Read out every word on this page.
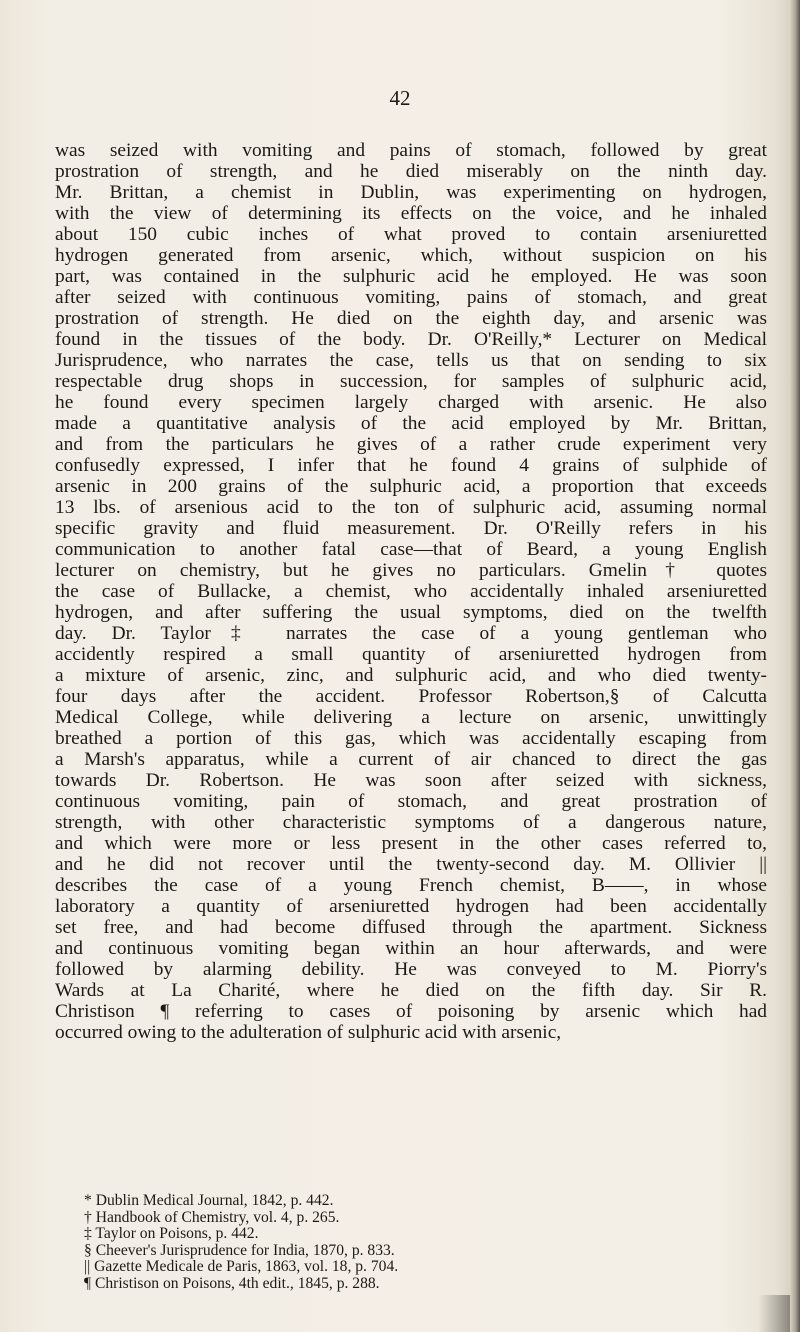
42
was seized with vomiting and pains of stomach, followed by great
prostration of strength, and he died miserably on the ninth day.
Mr. Brittan, a chemist in Dublin, was experimenting on hydrogen,
with the view of determining its effects on the voice, and he inhaled
about 150 cubic inches of what proved to contain arseniuretted
hydrogen generated from arsenic, which, without suspicion on his
part, was contained in the sulphuric acid he employed. He was soon
after seized with continuous vomiting, pains of stomach, and great
prostration of strength. He died on the eighth day, and arsenic was
found in the tissues of the body. Dr. O'Reilly,* Lecturer on Medical
Jurisprudence, who narrates the case, tells us that on sending to six
respectable drug shops in succession, for samples of sulphuric acid,
he found every specimen largely charged with arsenic. He also
made a quantitative analysis of the acid employed by Mr. Brittan,
and from the particulars he gives of a rather crude experiment very
confusedly expressed, I infer that he found 4 grains of sulphide of
arsenic in 200 grains of the sulphuric acid, a proportion that exceeds
13 lbs. of arsenious acid to the ton of sulphuric acid, assuming normal
specific gravity and fluid measurement. Dr. O'Reilly refers in his
communication to another fatal case—that of Beard, a young English
lecturer on chemistry, but he gives no particulars. Gmelin† quotes
the case of Bullacke, a chemist, who accidentally inhaled arseniuretted
hydrogen, and after suffering the usual symptoms, died on the twelfth
day. Dr. Taylor‡ narrates the case of a young gentleman who
accidently respired a small quantity of arseniuretted hydrogen from
a mixture of arsenic, zinc, and sulphuric acid, and who died twenty-
four days after the accident. Professor Robertson,§ of Calcutta
Medical College, while delivering a lecture on arsenic, unwittingly
breathed a portion of this gas, which was accidentally escaping from
a Marsh's apparatus, while a current of air chanced to direct the gas
towards Dr. Robertson. He was soon after seized with sickness,
continuous vomiting, pain of stomach, and great prostration of
strength, with other characteristic symptoms of a dangerous nature,
and which were more or less present in the other cases referred to,
and he did not recover until the twenty-second day. M. Ollivier ||
describes the case of a young French chemist, B——, in whose
laboratory a quantity of arseniuretted hydrogen had been accidentally
set free, and had become diffused through the apartment. Sickness
and continuous vomiting began within an hour afterwards, and were
followed by alarming debility. He was conveyed to M. Piorry's
Wards at La Charité, where he died on the fifth day. Sir R.
Christison ¶ referring to cases of poisoning by arsenic which had
occurred owing to the adulteration of sulphuric acid with arsenic,
* Dublin Medical Journal, 1842, p. 442.
† Handbook of Chemistry, vol. 4, p. 265.
‡ Taylor on Poisons, p. 442.
§ Cheever's Jurisprudence for India, 1870, p. 833.
|| Gazette Medicale de Paris, 1863, vol. 18, p. 704.
¶ Christison on Poisons, 4th edit., 1845, p. 288.
